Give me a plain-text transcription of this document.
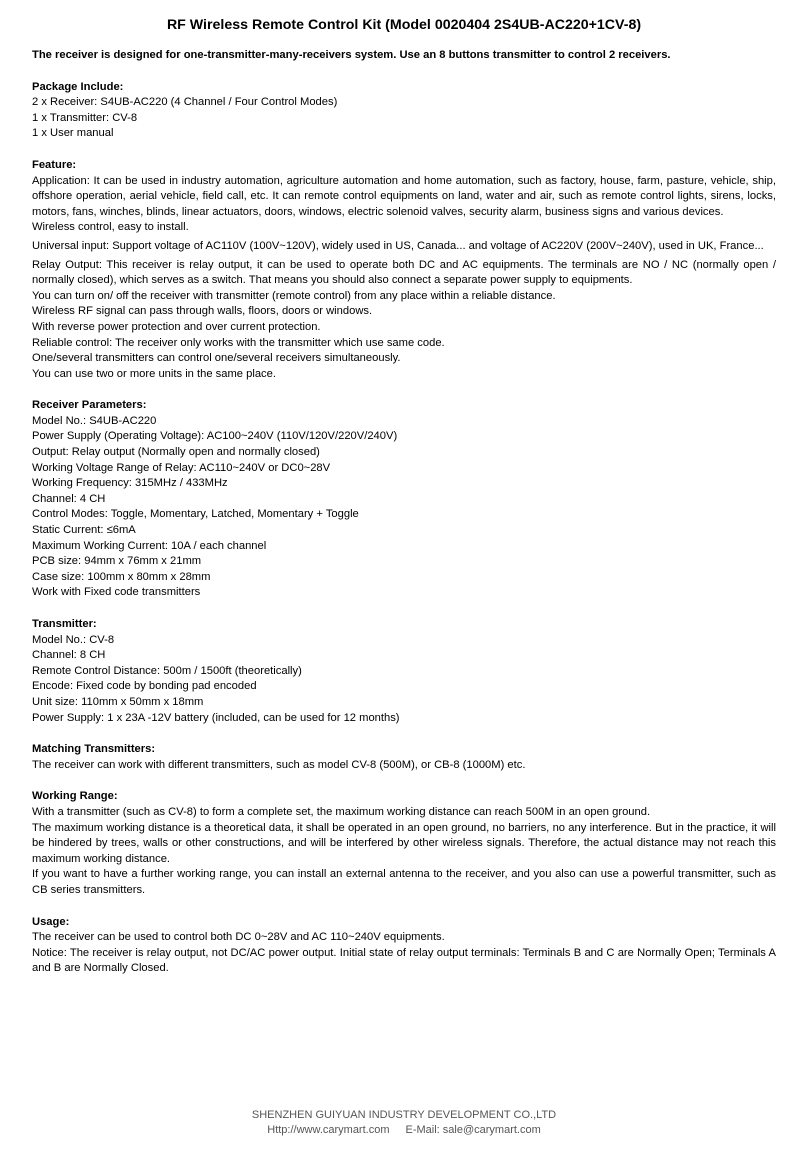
RF Wireless Remote Control Kit (Model 0020404 2S4UB-AC220+1CV-8)
The receiver is designed for one-transmitter-many-receivers system. Use an 8 buttons transmitter to control 2 receivers.
Package Include:
2 x Receiver: S4UB-AC220 (4 Channel / Four Control Modes)
1 x Transmitter: CV-8
1 x User manual
Feature:
Application: It can be used in industry automation, agriculture automation and home automation, such as factory, house, farm, pasture, vehicle, ship, offshore operation, aerial vehicle, field call, etc. It can remote control equipments on land, water and air, such as remote control lights, sirens, locks, motors, fans, winches, blinds, linear actuators, doors, windows, electric solenoid valves, security alarm, business signs and various devices.
Wireless control, easy to install.
Universal input: Support voltage of AC110V (100V~120V), widely used in US, Canada... and voltage of AC220V (200V~240V), used in UK, France...
Relay Output: This receiver is relay output, it can be used to operate both DC and AC equipments. The terminals are NO / NC (normally open / normally closed), which serves as a switch. That means you should also connect a separate power supply to equipments.
You can turn on/ off the receiver with transmitter (remote control) from any place within a reliable distance.
Wireless RF signal can pass through walls, floors, doors or windows.
With reverse power protection and over current protection.
Reliable control: The receiver only works with the transmitter which use same code.
One/several transmitters can control one/several receivers simultaneously.
You can use two or more units in the same place.
Receiver Parameters:
Model No.: S4UB-AC220
Power Supply (Operating Voltage): AC100~240V (110V/120V/220V/240V)
Output: Relay output (Normally open and normally closed)
Working Voltage Range of Relay: AC110~240V or DC0~28V
Working Frequency: 315MHz / 433MHz
Channel: 4 CH
Control Modes: Toggle, Momentary, Latched, Momentary + Toggle
Static Current: ≤6mA
Maximum Working Current: 10A / each channel
PCB size: 94mm x 76mm x 21mm
Case size: 100mm x 80mm x 28mm
Work with Fixed code transmitters
Transmitter:
Model No.: CV-8
Channel: 8 CH
Remote Control Distance: 500m / 1500ft (theoretically)
Encode: Fixed code by bonding pad encoded
Unit size: 110mm x 50mm x 18mm
Power Supply: 1 x 23A -12V battery (included, can be used for 12 months)
Matching Transmitters:
The receiver can work with different transmitters, such as model CV-8 (500M), or CB-8 (1000M) etc.
Working Range:
With a transmitter (such as CV-8) to form a complete set, the maximum working distance can reach 500M in an open ground.
The maximum working distance is a theoretical data, it shall be operated in an open ground, no barriers, no any interference. But in the practice, it will be hindered by trees, walls or other constructions, and will be interfered by other wireless signals. Therefore, the actual distance may not reach this maximum working distance.
If you want to have a further working range, you can install an external antenna to the receiver, and you also can use a powerful transmitter, such as CB series transmitters.
Usage:
The receiver can be used to control both DC 0~28V and AC 110~240V equipments.
Notice: The receiver is relay output, not DC/AC power output. Initial state of relay output terminals: Terminals B and C are Normally Open; Terminals A and B are Normally Closed.
SHENZHEN GUIYUAN INDUSTRY DEVELOPMENT CO.,LTD
Http://www.carymart.com E-Mail: sale@carymart.com
